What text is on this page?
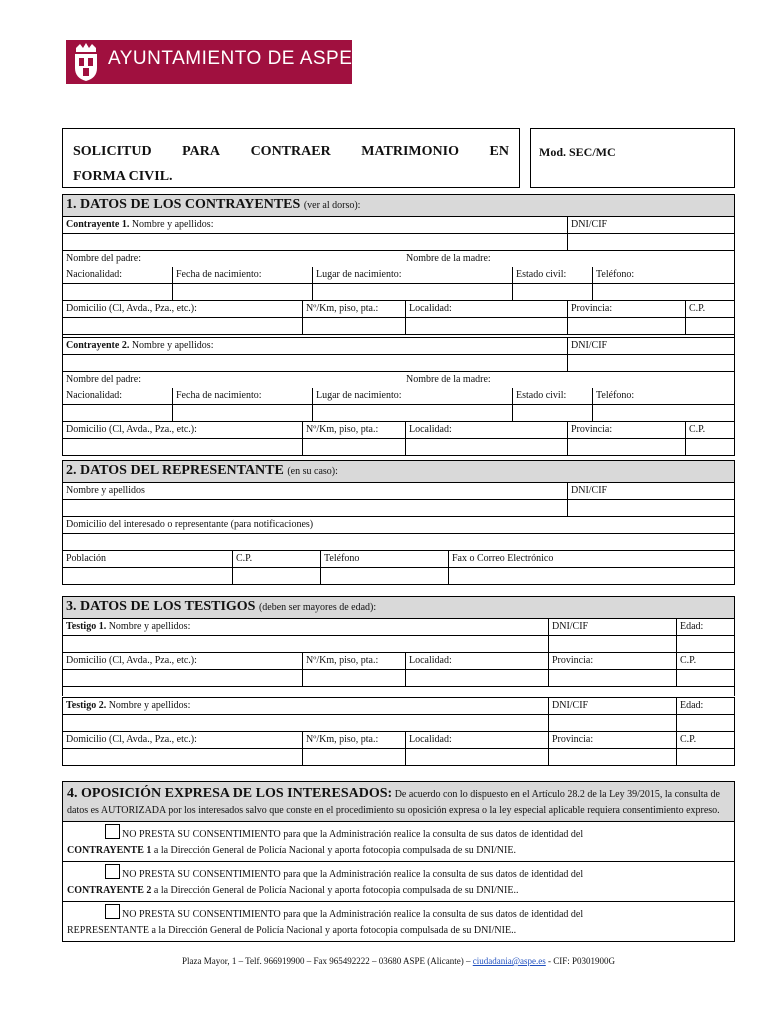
AYUNTAMIENTO DE ASPE
SOLICITUD PARA CONTRAER MATRIMONIO EN
FORMA CIVIL.
Mod. SEC/MC
1. DATOS DE LOS CONTRAYENTES (ver al dorso):
Contrayente 1. Nombre y apellidos:	DNI/CIF
Nombre del padre:	Nombre de la madre:
Nacionalidad:	Fecha de nacimiento:	Lugar de nacimiento:	Estado civil:	Teléfono:
Domicilio (Cl, Avda., Pza., etc.):	Nº/Km, piso, pta.:	Localidad:	Provincia:	C.P.
Contrayente 2. Nombre y apellidos:	DNI/CIF
Nombre del padre:	Nombre de la madre:
Nacionalidad:	Fecha de nacimiento:	Lugar de nacimiento:	Estado civil:	Teléfono:
Domicilio (Cl, Avda., Pza., etc.):	Nº/Km, piso, pta.:	Localidad:	Provincia:	C.P.
2. DATOS DEL REPRESENTANTE (en su caso):
Nombre y apellidos	DNI/CIF
Domicilio del interesado o representante (para notificaciones)
Población	C.P.	Teléfono	Fax o Correo Electrónico
3. DATOS DE LOS TESTIGOS (deben ser mayores de edad):
Testigo 1. Nombre y apellidos:	DNI/CIF	Edad:
Domicilio (Cl, Avda., Pza., etc.):	Nº/Km, piso, pta.:	Localidad:	Provincia:	C.P.
Testigo 2. Nombre y apellidos:	DNI/CIF	Edad:
Domicilio (Cl, Avda., Pza., etc.):	Nº/Km, piso, pta.:	Localidad:	Provincia:	C.P.
4. OPOSICIÓN EXPRESA DE LOS INTERESADOS: De acuerdo con lo dispuesto en el Artículo 28.2 de la Ley 39/2015, la consulta de datos es AUTORIZADA por los interesados salvo que conste en el procedimiento su oposición expresa o la ley especial aplicable requiera consentimiento expreso.
NO PRESTA SU CONSENTIMIENTO para que la Administración realice la consulta de sus datos de identidad del
CONTRAYENTE 1 a la Dirección General de Policía Nacional y aporta fotocopia compulsada de su DNI/NIE.
NO PRESTA SU CONSENTIMIENTO para que la Administración realice la consulta de sus datos de identidad del
CONTRAYENTE 2 a la Dirección General de Policía Nacional y aporta fotocopia compulsada de su DNI/NIE..
NO PRESTA SU CONSENTIMIENTO para que la Administración realice la consulta de sus datos de identidad del
REPRESENTANTE a la Dirección General de Policía Nacional y aporta fotocopia compulsada de su DNI/NIE..
Plaza Mayor, 1 – Telf. 966919900 – Fax 965492222 – 03680 ASPE (Alicante) – ciudadania@aspe.es - CIF: P0301900G
